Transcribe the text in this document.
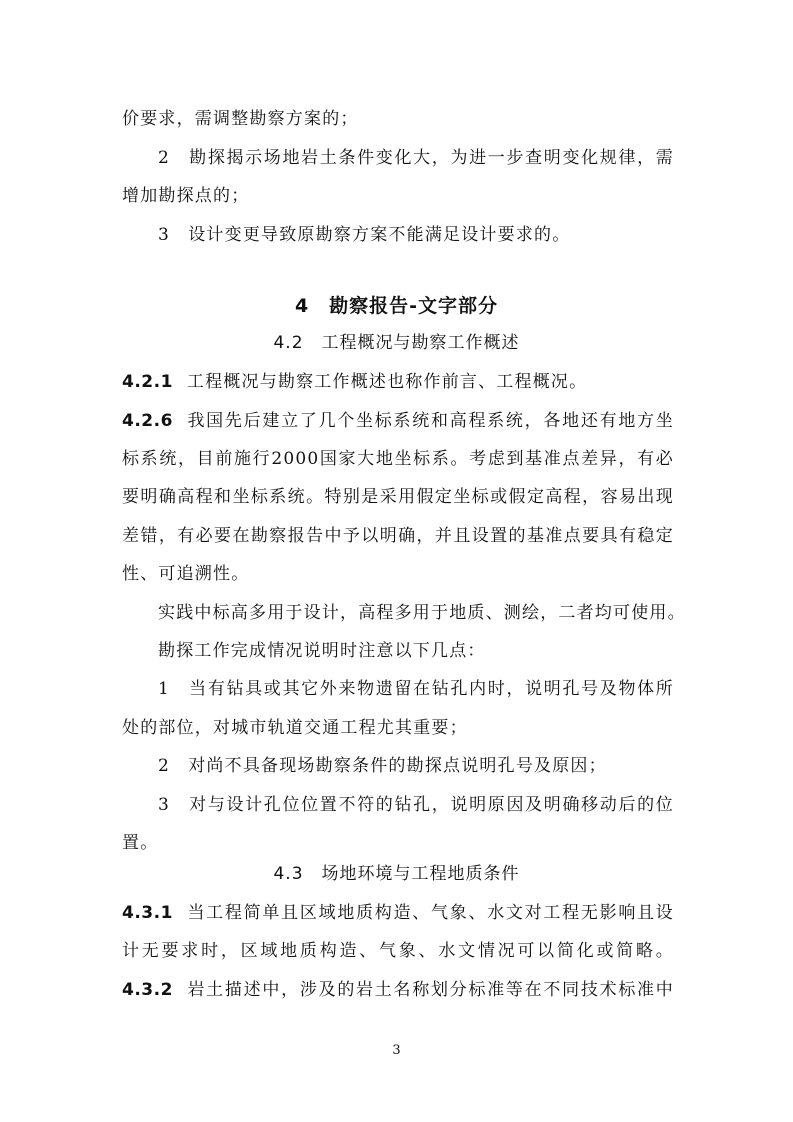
价要求，需调整勘察方案的；
2　勘探揭示场地岩土条件变化大，为进一步查明变化规律，需
增加勘探点的；
3　设计变更导致原勘察方案不能满足设计要求的。
4　勘察报告-文字部分
4.2　工程概况与勘察工作概述
4.2.1 工程概况与勘察工作概述也称作前言、工程概况。
4.2.6 我国先后建立了几个坐标系统和高程系统，各地还有地方坐
标系统，目前施行2000国家大地坐标系。考虑到基准点差异，有必
要明确高程和坐标系统。特别是采用假定坐标或假定高程，容易出现
差错，有必要在勘察报告中予以明确，并且设置的基准点要具有稳定
性、可追溯性。
实践中标高多用于设计，高程多用于地质、测绘，二者均可使用。
勘探工作完成情况说明时注意以下几点：
1　当有钻具或其它外来物遗留在钻孔内时，说明孔号及物体所
处的部位，对城市轨道交通工程尤其重要；
2　对尚不具备现场勘察条件的勘探点说明孔号及原因；
3　对与设计孔位位置不符的钻孔，说明原因及明确移动后的位
置。
4.3　场地环境与工程地质条件
4.3.1 当工程简单且区域地质构造、气象、水文对工程无影响且设
计无要求时，区域地质构造、气象、水文情况可以简化或简略。
4.3.2 岩土描述中，涉及的岩土名称划分标准等在不同技术标准中
3
